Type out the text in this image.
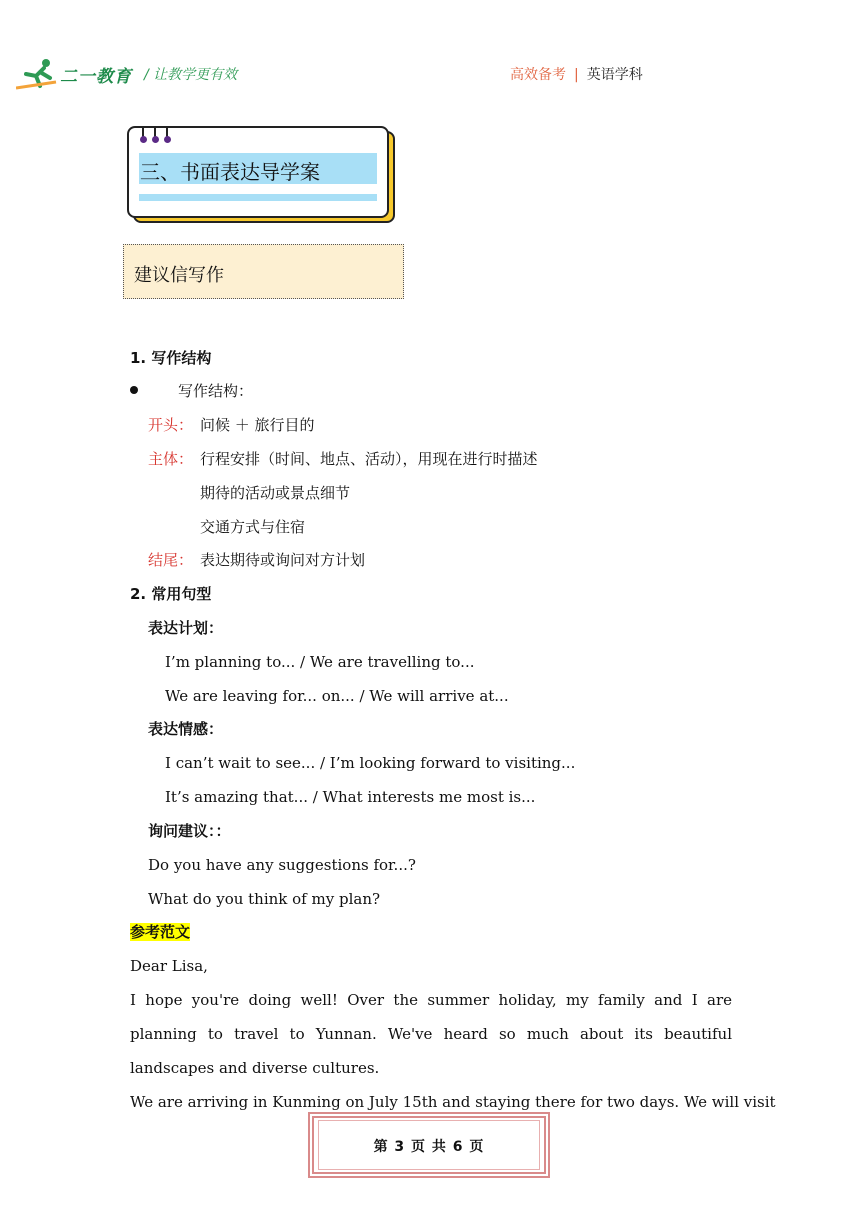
二一教育 / 让教学更有效	高效备考 | 英语学科
三、书面表达导学案
建议信写作
1. 写作结构
写作结构：
开头： 问候 ＋ 旅行目的
主体： 行程安排（时间、地点、活动），用现在进行时描述
期待的活动或景点细节
交通方式与住宿
结尾： 表达期待或询问对方计划
2. 常用句型
表达计划：
I’m planning to... / We are travelling to...
We are leaving for... on... / We will arrive at...
表达情感：
I can’t wait to see... / I’m looking forward to visiting...
It’s amazing that... / What interests me most is...
询问建议：：
Do you have any suggestions for...?
What do you think of my plan?
参考范文
Dear Lisa,
I hope you're doing well! Over the summer holiday, my family and I are planning to travel to Yunnan. We've heard so much about its beautiful landscapes and diverse cultures.
We are arriving in Kunming on July 15th and staying there for two days. We will visit
第 3 页 共 6 页
